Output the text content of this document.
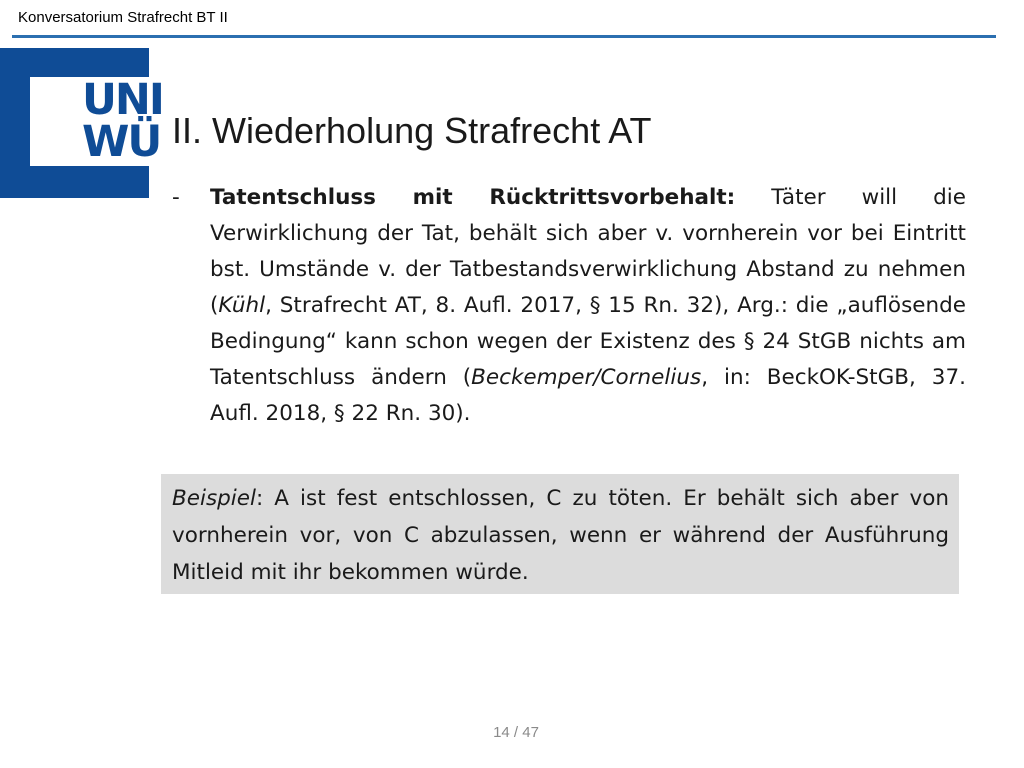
Konversatorium Strafrecht BT II
UNI
WÜ II. Wiederholung Strafrecht AT
-	Tatentschluss mit Rücktrittsvorbehalt: Täter will die Verwirklichung der Tat, behält sich aber v. vornherein vor bei Eintritt bst. Umstände v. der Tatbestandsverwirklichung Abstand zu nehmen (Kühl, Strafrecht AT, 8. Aufl. 2017, § 15 Rn. 32), Arg.: die „auflösende Bedingung“ kann schon wegen der Existenz des § 24 StGB nichts am Tatentschluss ändern (Beckemper/Cornelius, in: BeckOK-StGB, 37. Aufl. 2018, § 22 Rn. 30).
Beispiel: A ist fest entschlossen, C zu töten. Er behält sich aber von vornherein vor, von C abzulassen, wenn er während der Ausführung Mitleid mit ihr bekommen würde.
14 / 47
